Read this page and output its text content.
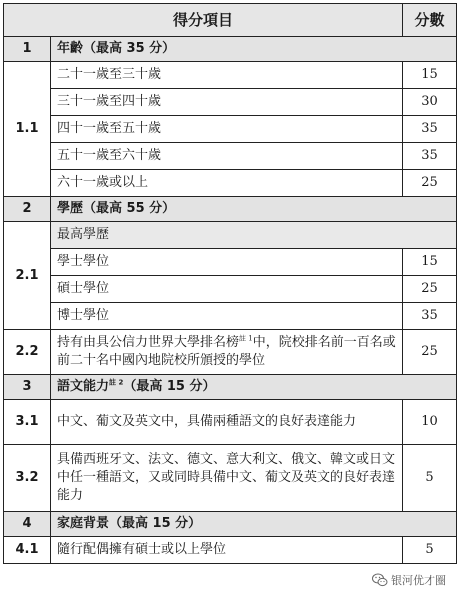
得分項目		分數
1	年齡（最高 35 分）	
1.1	二十一歲至三十歲	15
	三十一歲至四十歲	30
	四十一歲至五十歲	35
	五十一歲至六十歲	35
	六十一歲或以上	25
2	學歷（最高 55 分）	
2.1	最高學歷	
	學士學位	15
	碩士學位	25
	博士學位	35
2.2	持有由具公信力世界大學排名榜$^{註 1}$中，院校排名前一百名或前二十名中國內地院校所頒授的學位	25
3	語文能力$^{註 2}$（最高 15 分）	
3.1	中文、葡文及英文中，具備兩種語文的良好表達能力	10
3.2	具備西班牙文、法文、德文、意大利文、俄文、韓文或日文中任一種語文，又或同時具備中文、葡文及英文的良好表達能力	5
4	家庭背景（最高 15 分）	
4.1	隨行配偶擁有碩士或以上學位	5
银河优才圈
